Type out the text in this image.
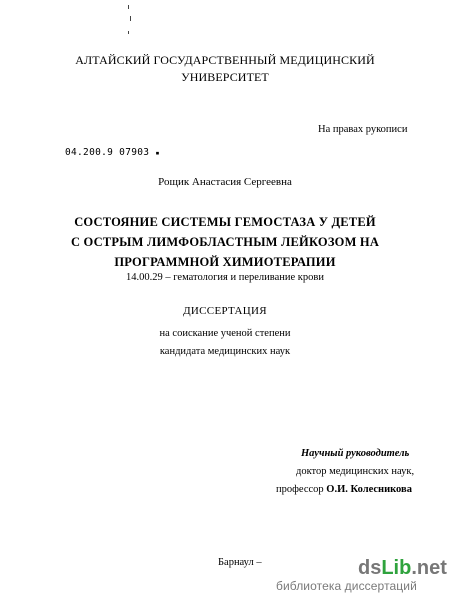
АЛТАЙСКИЙ ГОСУДАРСТВЕННЫЙ МЕДИЦИНСКИЙ
УНИВЕРСИТЕТ
На правах рукописи
04.200.9 07903 ▪
Рощик Анастасия Сергеевна
СОСТОЯНИЕ СИСТЕМЫ ГЕМОСТАЗА У ДЕТЕЙ
С ОСТРЫМ ЛИМФОБЛАСТНЫМ ЛЕЙКОЗОМ НА
ПРОГРАММНОЙ ХИМИОТЕРАПИИ
14.00.29 – гематология и переливание крови
ДИССЕРТАЦИЯ
на соискание ученой степени
кандидата медицинских наук
Научный руководитель
доктор медицинских наук,
профессор О.И. Колесникова
Барнаул –	dsLib.net
библиотека диссертаций
